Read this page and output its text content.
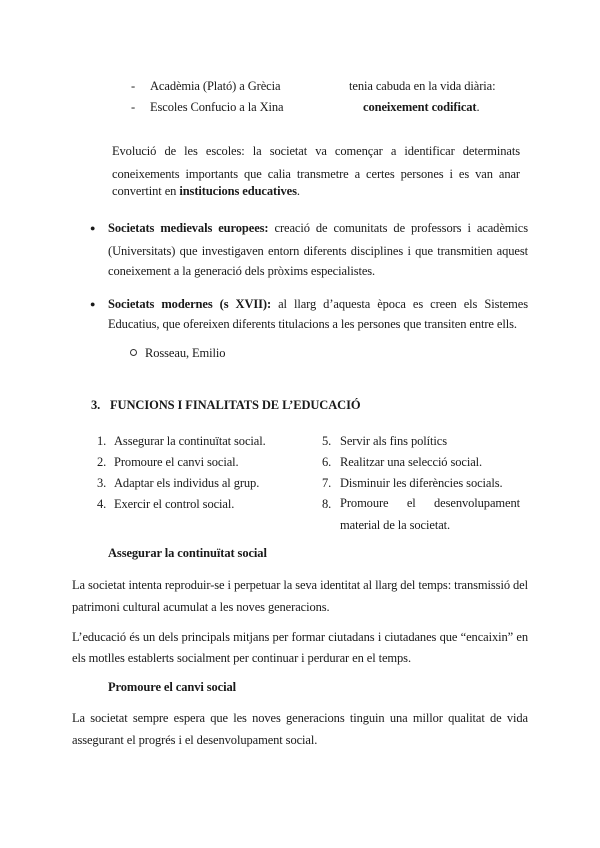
- Acadèmia (Plató) a Grècia
- Escoles Confucio a la Xina
tenia cabuda en la vida diària:
coneixement codificat.
Evolució de les escoles: la societat va començar a identificar determinats
coneixements importants que calia transmetre a certes persones i es van anar
convertint en institucions educatives.
● Societats medievals europees: creació de comunitats de professors i acadèmics
(Universitats) que investigaven entorn diferents disciplines i que transmitien aquest
coneixement a la generació dels pròxims especialistes.
● Societats modernes (s XVII): al llarg d’aquesta època es creen els Sistemes
Educatius, que ofereixen diferents titulacions a les persones que transiten entre ells.
Rosseau, Emilio
3. FUNCIONS I FINALITATS DE L’EDUCACIÓ
1. Assegurar la continuïtat social.
2. Promoure el canvi social.
3. Adaptar els individus al grup.
4. Exercir el control social.
5. Servir als fins polítics
6. Realitzar una selecció social.
7. Disminuir les diferències socials.
8. Promoure el desenvolupament
material de la societat.
Assegurar la continuïtat social
La societat intenta reproduir-se i perpetuar la seva identitat al llarg del temps: transmissió del
patrimoni cultural acumulat a les noves generacions.
L’educació és un dels principals mitjans per formar ciutadans i ciutadanes que “encaixin” en
els motlles establerts socialment per continuar i perdurar en el temps.
Promoure el canvi social
La societat sempre espera que les noves generacions tinguin una millor qualitat de vida
assegurant el progrés i el desenvolupament social.
